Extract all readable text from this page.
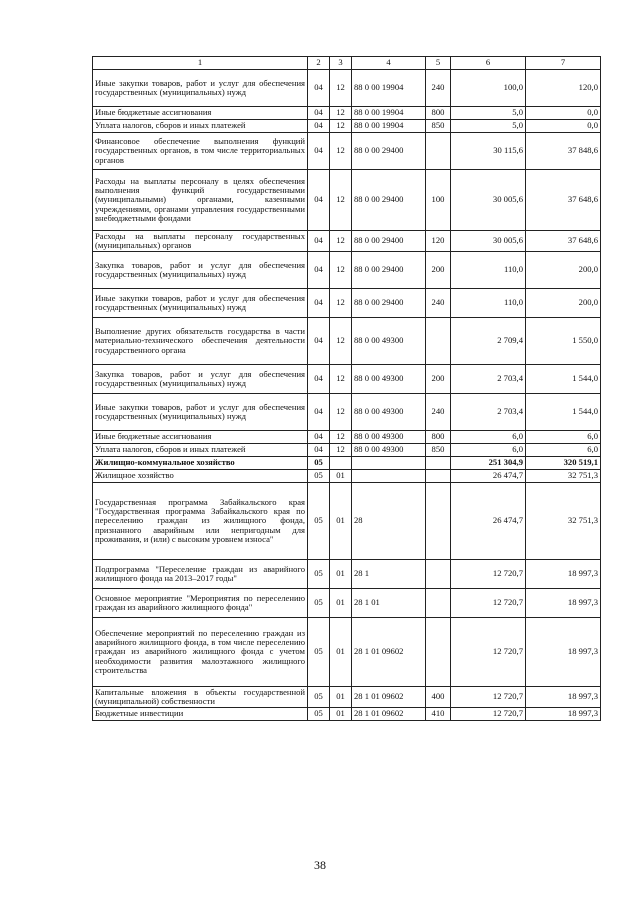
1	2	3	4	5	6	7
Иные закупки товаров, работ и услуг для обеспечения государственных (муниципальных) нужд	04	12	88 0 00 19904	240	100,0	120,0
Иные бюджетные ассигнования	04	12	88 0 00 19904	800	5,0	0,0
Уплата налогов, сборов и иных платежей	04	12	88 0 00 19904	850	5,0	0,0
Финансовое обеспечение выполнения функций государственных органов, в том числе территориальных органов	04	12	88 0 00 29400		30 115,6	37 848,6
Расходы на выплаты персоналу в целях обеспечения выполнения функций государственными (муниципальными) органами, казенными учреждениями, органами управления государственными внебюджетными фондами	04	12	88 0 00 29400	100	30 005,6	37 648,6
Расходы на выплаты персоналу государственных (муниципальных) органов	04	12	88 0 00 29400	120	30 005,6	37 648,6
Закупка товаров, работ и услуг для обеспечения государственных (муниципальных) нужд	04	12	88 0 00 29400	200	110,0	200,0
Иные закупки товаров, работ и услуг для обеспечения государственных (муниципальных) нужд	04	12	88 0 00 29400	240	110,0	200,0
Выполнение других обязательств государства в части материально-технического обеспечения деятельности государственного органа	04	12	88 0 00 49300		2 709,4	1 550,0
Закупка товаров, работ и услуг для обеспечения государственных (муниципальных) нужд	04	12	88 0 00 49300	200	2 703,4	1 544,0
Иные закупки товаров, работ и услуг для обеспечения государственных (муниципальных) нужд	04	12	88 0 00 49300	240	2 703,4	1 544,0
Иные бюджетные ассигнования	04	12	88 0 00 49300	800	6,0	6,0
Уплата налогов, сборов и иных платежей	04	12	88 0 00 49300	850	6,0	6,0
Жилищно-коммунальное хозяйство	05				251 304,9	320 519,1
Жилищное хозяйство	05	01			26 474,7	32 751,3
Государственная программа Забайкальского края "Государственная программа Забайкальского края по переселению граждан из жилищного фонда, признанного аварийным или непригодным для проживания, и (или) с высоким уровнем износа"	05	01	28		26 474,7	32 751,3
Подпрограмма "Переселение граждан из аварийного жилищного фонда на 2013–2017 годы"	05	01	28 1		12 720,7	18 997,3
Основное мероприятие "Мероприятия по переселению граждан из аварийного жилищного фонда"	05	01	28 1 01		12 720,7	18 997,3
Обеспечение мероприятий по переселению граждан из аварийного жилищного фонда, в том числе переселению граждан из аварийного жилищного фонда с учетом необходимости развития малоэтажного жилищного строительства	05	01	28 1 01 09602		12 720,7	18 997,3
Капитальные вложения в объекты государственной (муниципальной) собственности	05	01	28 1 01 09602	400	12 720,7	18 997,3
Бюджетные инвестиции	05	01	28 1 01 09602	410	12 720,7	18 997,3
38
